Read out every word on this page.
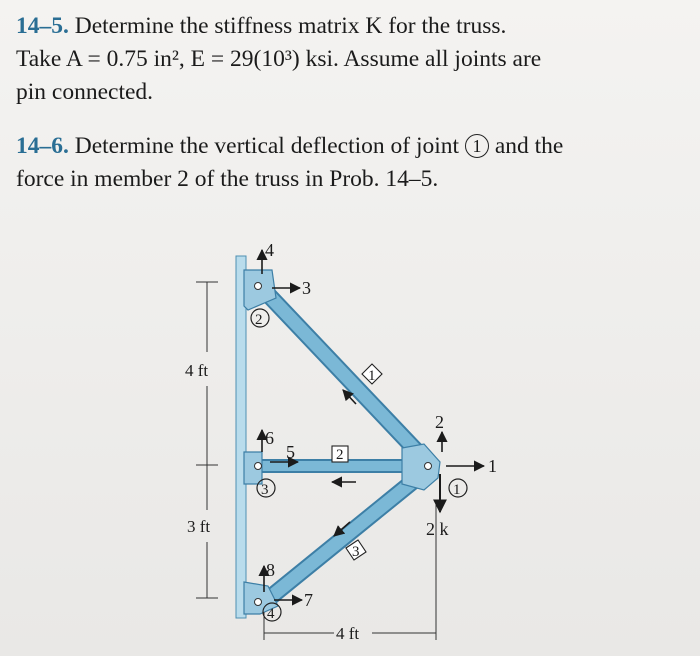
14–5. Determine the stiffness matrix K for the truss.
Take A = 0.75 in², E = 29(10³) ksi. Assume all joints are
pin connected.
14–6. Determine the vertical deflection of joint 1 and the
force in member 2 of the truss in Prob. 14–5.
4 ft
3 ft
4 ft
4
3
2
6
5
3
8
7
4
1
2
3
2
1
2 k
1
